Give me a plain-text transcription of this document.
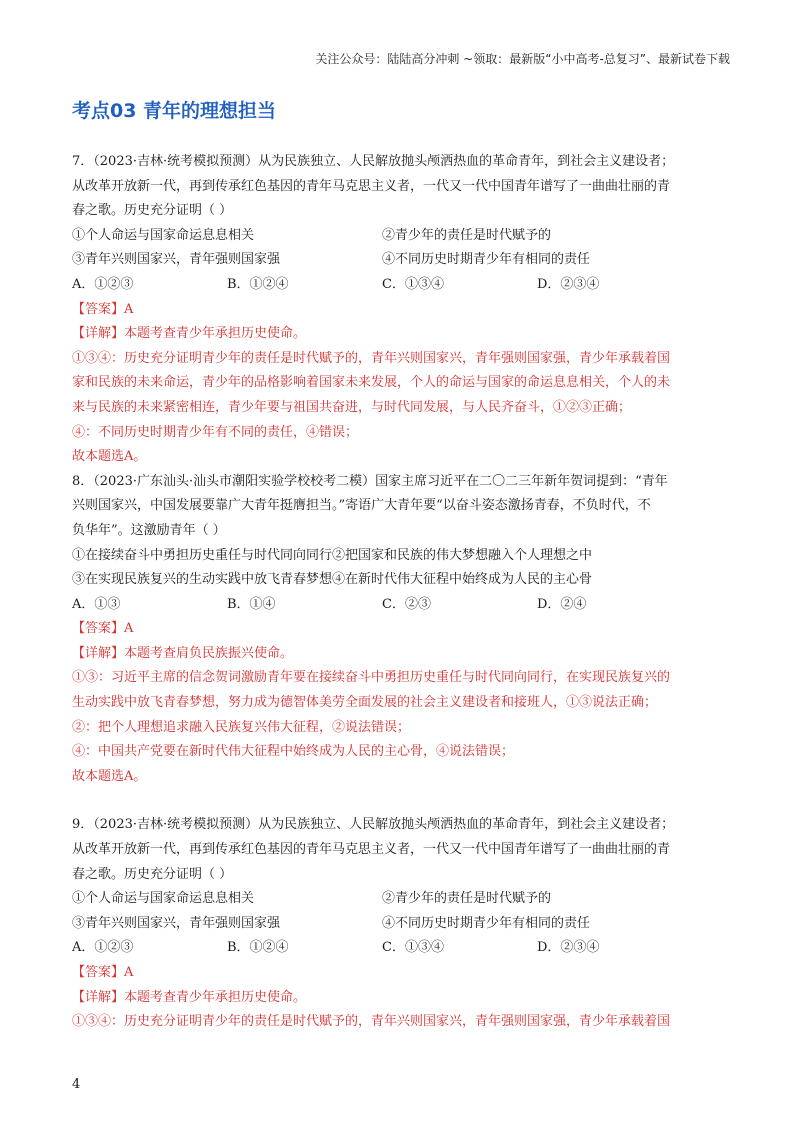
关注公众号：陆陆高分冲刺 ~领取：最新版“小中高考-总复习”、最新试卷下载
考点03 青年的理想担当
7．（2023·吉林·统考模拟预测）从为民族独立、人民解放抛头颅洒热血的革命青年，到社会主义建设者；
从改革开放新一代，再到传承红色基因的青年马克思主义者，一代又一代中国青年谱写了一曲曲壮丽的青
春之歌。历史充分证明（ ）
①个人命运与国家命运息息相关	②青少年的责任是时代赋予的
③青年兴则国家兴，青年强则国家强	④不同历史时期青少年有相同的责任
A．①②③	B．①②④	C．①③④	D．②③④
【答案】A
【详解】本题考查青少年承担历史使命。
①③④：历史充分证明青少年的责任是时代赋予的，青年兴则国家兴，青年强则国家强，青少年承载着国
家和民族的未来命运，青少年的品格影响着国家未来发展，个人的命运与国家的命运息息相关，个人的未
来与民族的未来紧密相连，青少年要与祖国共奋进，与时代同发展，与人民齐奋斗，①②③正确；
④：不同历史时期青少年有不同的责任，④错误；
故本题选A。
8．（2023·广东汕头·汕头市潮阳实验学校校考二模）国家主席习近平在二〇二三年新年贺词提到：“青年
兴则国家兴，中国发展要靠广大青年挺膺担当。”寄语广大青年要“以奋斗姿态激扬青春，不负时代，不
负华年”。这激励青年（ ）
①在接续奋斗中勇担历史重任与时代同向同行②把国家和民族的伟大梦想融入个人理想之中
③在实现民族复兴的生动实践中放飞青春梦想④在新时代伟大征程中始终成为人民的主心骨
A．①③	B．①④	C．②③	D．②④
【答案】A
【详解】本题考查肩负民族振兴使命。
①③：习近平主席的信念贺词激励青年要在接续奋斗中勇担历史重任与时代同向同行，在实现民族复兴的
生动实践中放飞青春梦想，努力成为德智体美劳全面发展的社会主义建设者和接班人，①③说法正确；
②：把个人理想追求融入民族复兴伟大征程，②说法错误；
④：中国共产党要在新时代伟大征程中始终成为人民的主心骨，④说法错误；
故本题选A。
9．（2023·吉林·统考模拟预测）从为民族独立、人民解放抛头颅洒热血的革命青年，到社会主义建设者；
从改革开放新一代，再到传承红色基因的青年马克思主义者，一代又一代中国青年谱写了一曲曲壮丽的青
春之歌。历史充分证明（ ）
①个人命运与国家命运息息相关	②青少年的责任是时代赋予的
③青年兴则国家兴，青年强则国家强	④不同历史时期青少年有相同的责任
A．①②③	B．①②④	C．①③④	D．②③④
【答案】A
【详解】本题考查青少年承担历史使命。
①③④：历史充分证明青少年的责任是时代赋予的，青年兴则国家兴，青年强则国家强，青少年承载着国
4
